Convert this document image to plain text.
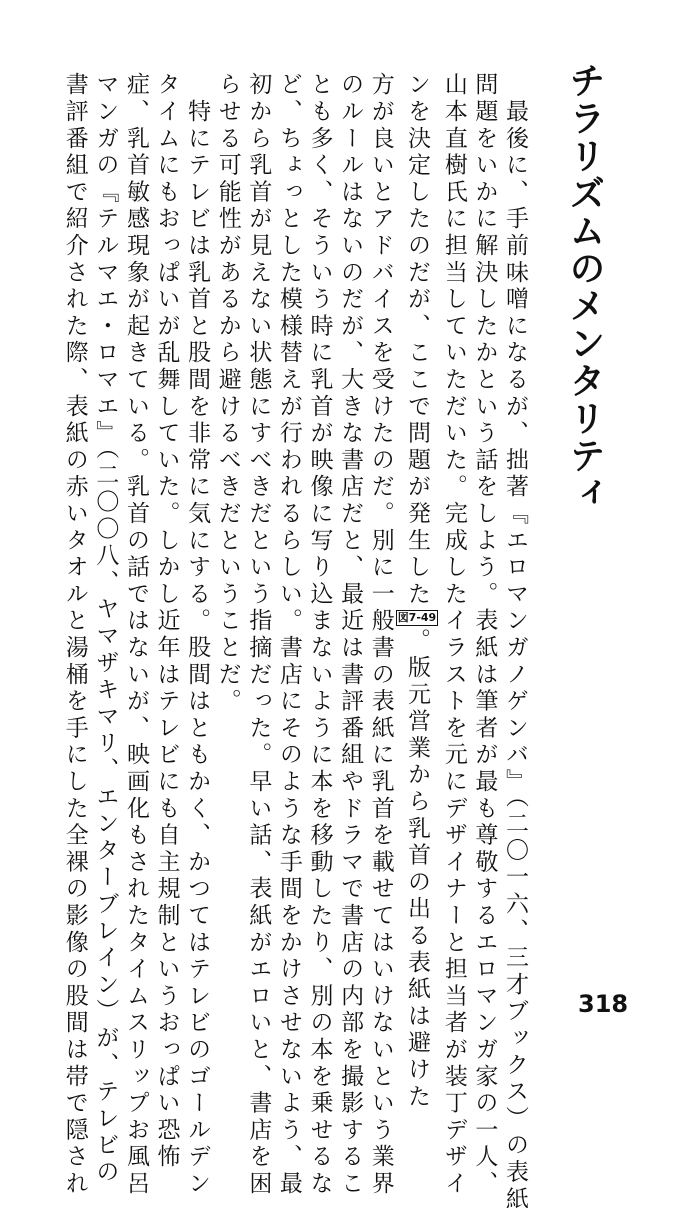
チラリズムのメンタリティ
　最後に、手前味噌になるが、拙著『エロマンガノゲンバ』（二〇一六、三才ブックス）の表紙
問題をいかに解決したかという話をしよう。表紙は筆者が最も尊敬するエロマンガ家の一人、
山本直樹氏に担当していただいた。完成したイラストを元にデザイナーと担当者が装丁デザイ
ンを決定したのだが、ここで問題が発生した図7-49。版元営業から乳首の出る表紙は避けた
方が良いとアドバイスを受けたのだ。別に一般書の表紙に乳首を載せてはいけないという業界
のルールはないのだが、大きな書店だと、最近は書評番組やドラマで書店の内部を撮影するこ
とも多く、そういう時に乳首が映像に写り込まないように本を移動したり、別の本を乗せるな
ど、ちょっとした模様替えが行われるらしい。書店にそのような手間をかけさせないよう、最
初から乳首が見えない状態にすべきだという指摘だった。早い話、表紙がエロいと、書店を困
らせる可能性があるから避けるべきだということだ。
　特にテレビは乳首と股間を非常に気にする。股間はともかく、かつてはテレビのゴールデン
タイムにもおっぱいが乱舞していた。しかし近年はテレビにも自主規制というおっぱい恐怖
症、乳首敏感現象が起きている。乳首の話ではないが、映画化もされたタイムスリップお風呂
マンガの『テルマエ・ロマエ』（二〇〇八、ヤマザキマリ、エンターブレイン）が、テレビの
書評番組で紹介された際、表紙の赤いタオルと湯桶を手にした全裸の影像の股間は帯で隠され	318
